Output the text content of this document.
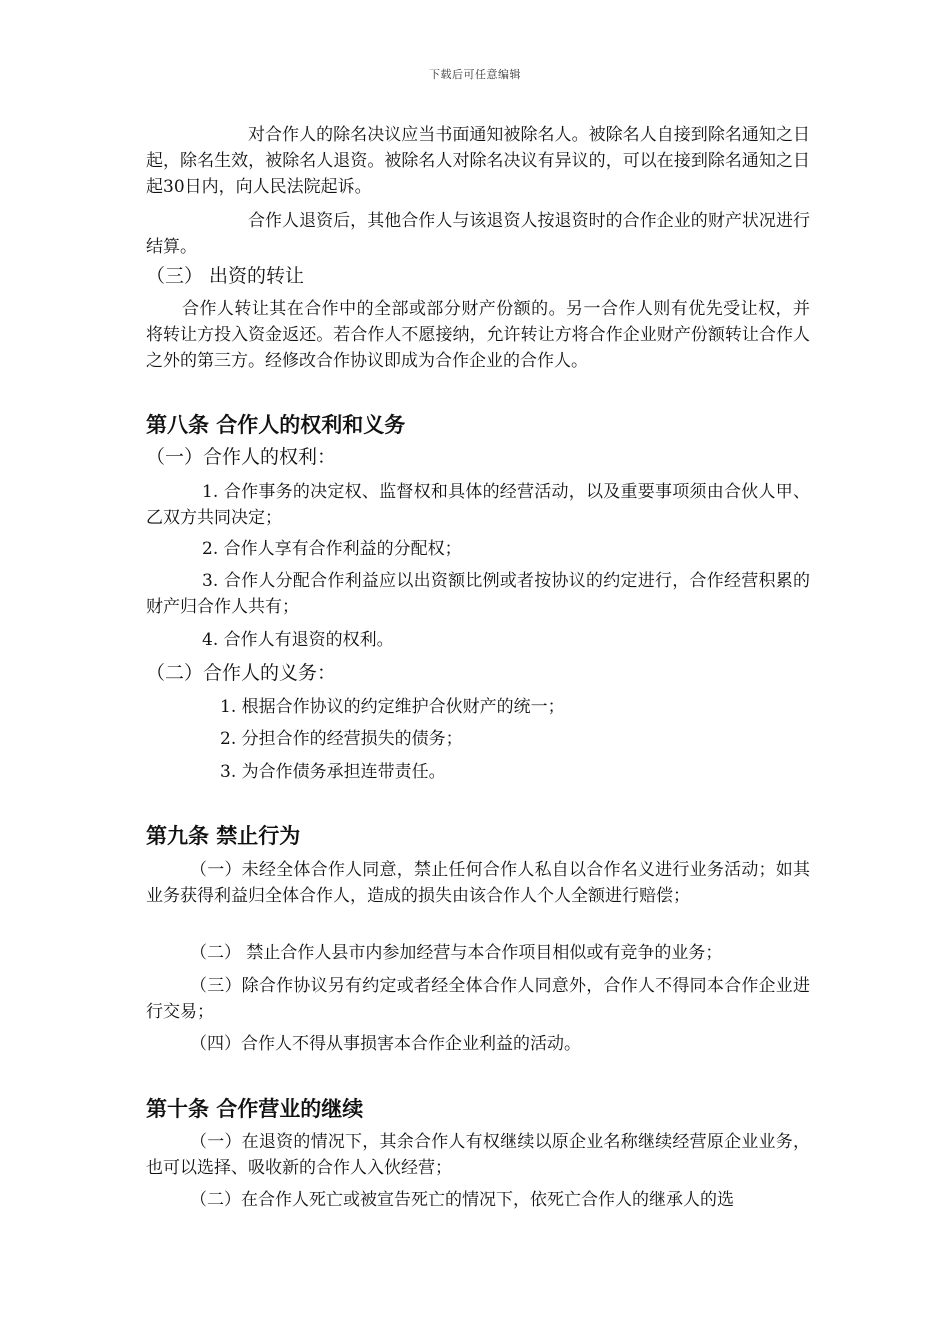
下载后可任意编辑

对合作人的除名决议应当书面通知被除名人。被除名人自接到除名通知之日起，除名生效，被除名人退资。被除名人对除名决议有异议的，可以在接到除名通知之日起30日内，向人民法院起诉。

合作人退资后，其他合作人与该退资人按退资时的合作企业的财产状况进行结算。

（三） 出资的转让

合作人转让其在合作中的全部或部分财产份额的。另一合作人则有优先受让权，并将转让方投入资金返还。若合作人不愿接纳，允许转让方将合作企业财产份额转让合作人之外的第三方。经修改合作协议即成为合作企业的合作人。

第八条 合作人的权利和义务

（一）合作人的权利：

1. 合作事务的决定权、监督权和具体的经营活动，以及重要事项须由合伙人甲、乙双方共同决定；

2. 合作人享有合作利益的分配权；

3. 合作人分配合作利益应以出资额比例或者按协议的约定进行，合作经营积累的财产归合作人共有；

4. 合作人有退资的权利。

（二）合作人的义务：

1. 根据合作协议的约定维护合伙财产的统一；

2. 分担合作的经营损失的债务；

3. 为合作债务承担连带责任。

第九条 禁止行为

（一）未经全体合作人同意，禁止任何合作人私自以合作名义进行业务活动；如其业务获得利益归全体合作人，造成的损失由该合作人个人全额进行赔偿；

（二） 禁止合作人县市内参加经营与本合作项目相似或有竞争的业务；

（三）除合作协议另有约定或者经全体合作人同意外，合作人不得同本合作企业进行交易；

（四）合作人不得从事损害本合作企业利益的活动。

第十条 合作营业的继续

（一）在退资的情况下，其余合作人有权继续以原企业名称继续经营原企业业务，也可以选择、吸收新的合作人入伙经营；

（二）在合作人死亡或被宣告死亡的情况下，依死亡合作人的继承人的选
